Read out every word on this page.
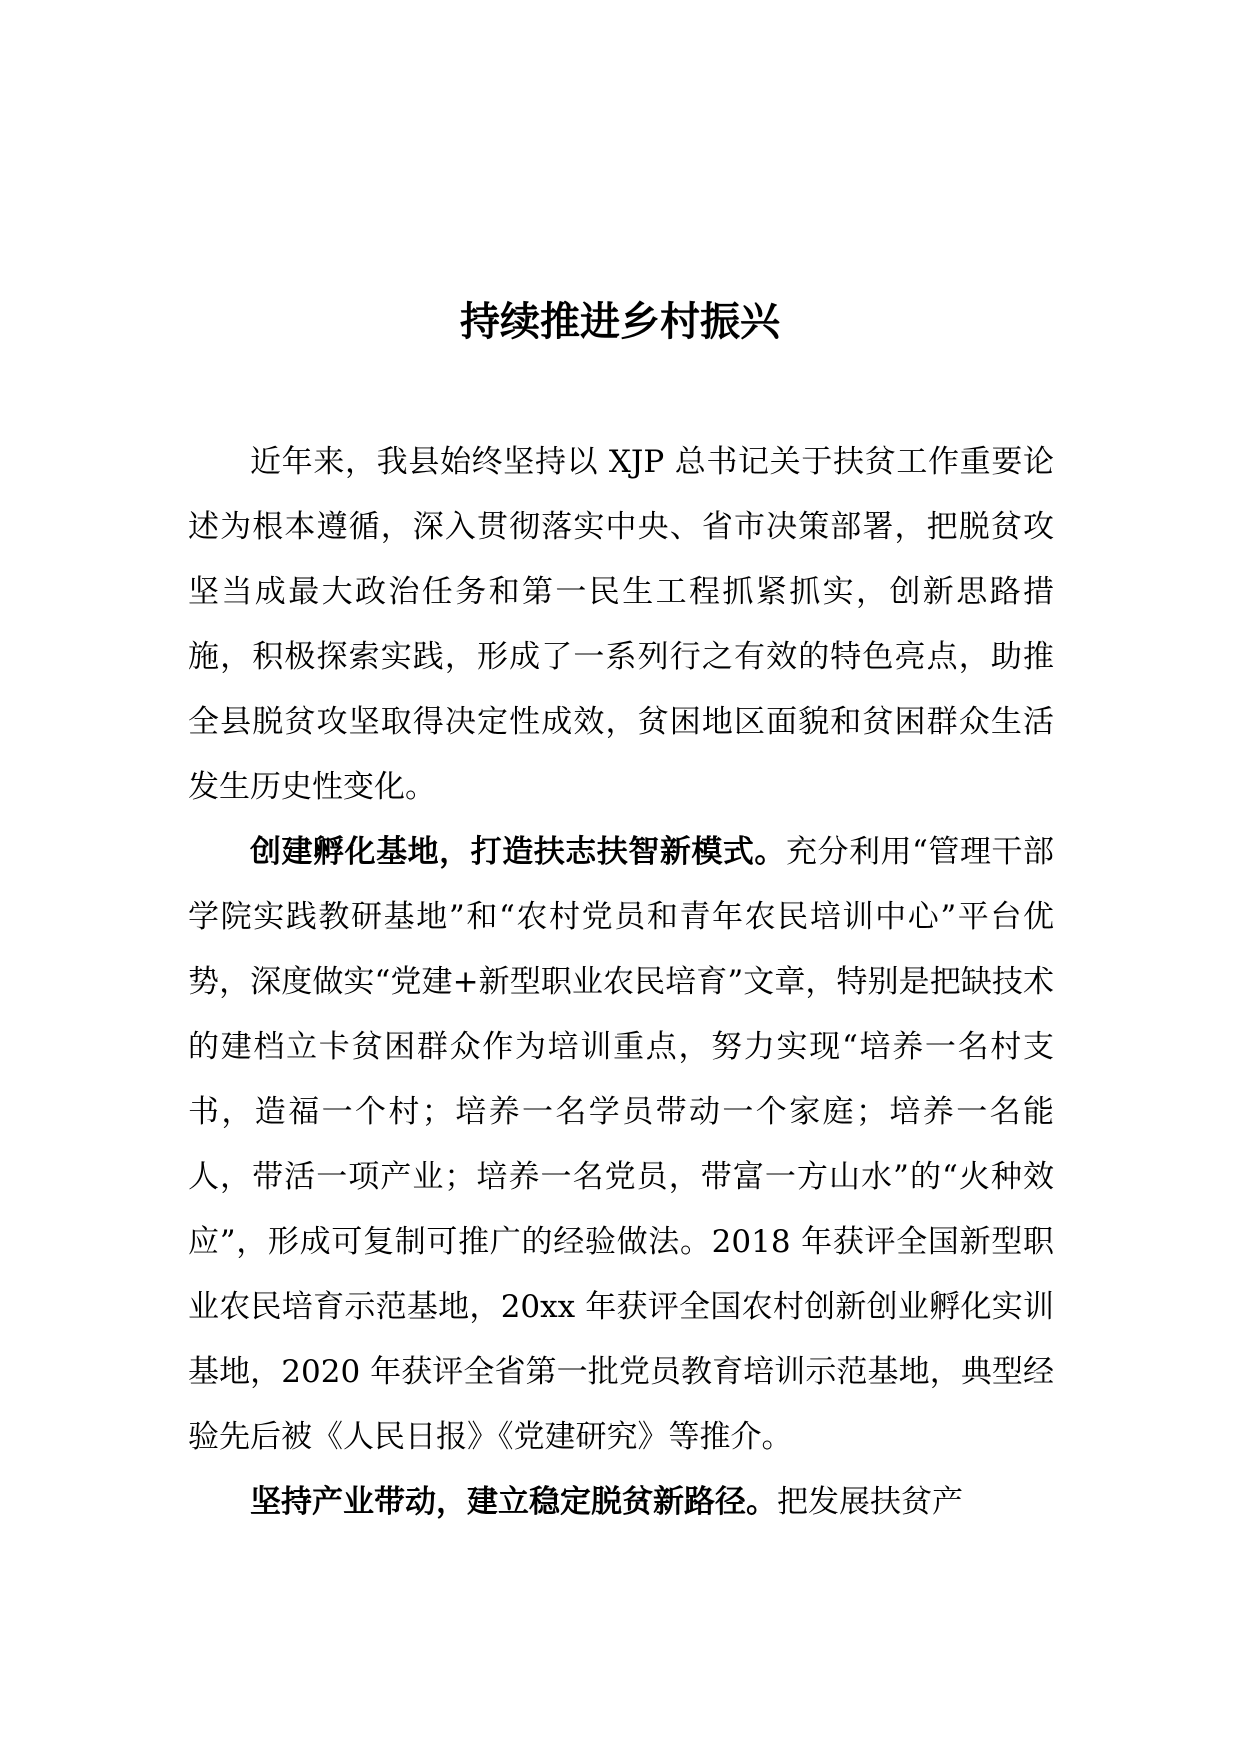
持续推进乡村振兴

近年来，我县始终坚持以 XJP 总书记关于扶贫工作重要论述为根本遵循，深入贯彻落实中央、省市决策部署，把脱贫攻坚当成最大政治任务和第一民生工程抓紧抓实，创新思路措施，积极探索实践，形成了一系列行之有效的特色亮点，助推全县脱贫攻坚取得决定性成效，贫困地区面貌和贫困群众生活发生历史性变化。

创建孵化基地，打造扶志扶智新模式。充分利用“管理干部学院实践教研基地”和“农村党员和青年农民培训中心”平台优势，深度做实“党建+新型职业农民培育”文章，特别是把缺技术的建档立卡贫困群众作为培训重点，努力实现“培养一名村支书，造福一个村；培养一名学员带动一个家庭；培养一名能人，带活一项产业；培养一名党员，带富一方山水”的“火种效应”，形成可复制可推广的经验做法。2018 年获评全国新型职业农民培育示范基地，20xx 年获评全国农村创新创业孵化实训基地，2020 年获评全省第一批党员教育培训示范基地，典型经验先后被《人民日报》《党建研究》等推介。

坚持产业带动，建立稳定脱贫新路径。把发展扶贫产
